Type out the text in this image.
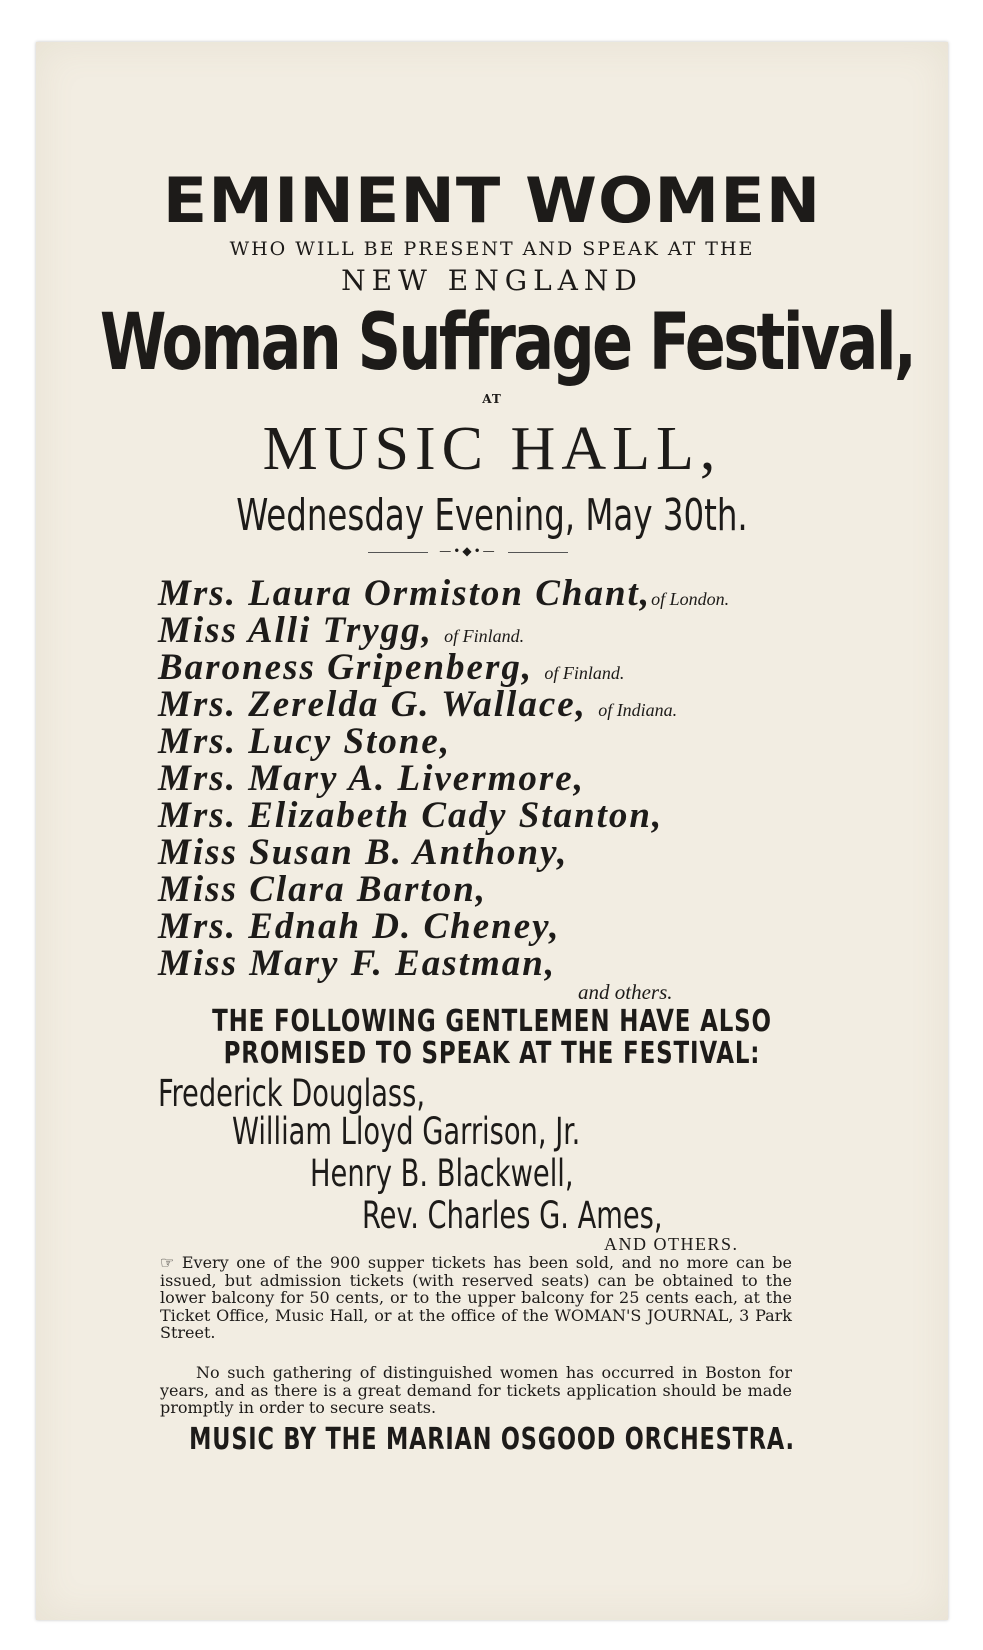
EMINENT WOMEN
WHO WILL BE PRESENT AND SPEAK AT THE
NEW ENGLAND
Woman Suffrage Festival,
AT
MUSIC HALL,
Wednesday Evening, May 30th.
—•◆•—
Mrs. Laura Ormiston Chant,of London.
Miss Alli Trygg, of Finland.
Baroness Gripenberg, of Finland.
Mrs. Zerelda G. Wallace, of Indiana.
Mrs. Lucy Stone,
Mrs. Mary A. Livermore,
Mrs. Elizabeth Cady Stanton,
Miss Susan B. Anthony,
Miss Clara Barton,
Mrs. Ednah D. Cheney,
Miss Mary F. Eastman,
and others.
THE FOLLOWING GENTLEMEN HAVE ALSO
PROMISED TO SPEAK AT THE FESTIVAL:
Frederick Douglass,
William Lloyd Garrison, Jr.
Henry B. Blackwell,
Rev. Charles G. Ames,
AND OTHERS.
☞ Every one of the 900 supper tickets has been sold, and no more can be issued, but admission tickets (with reserved seats) can be obtained to the lower balcony for 50 cents, or to the upper balcony for 25 cents each, at the Ticket Office, Music Hall, or at the office of the WOMAN'S JOURNAL, 3 Park Street.
No such gathering of distinguished women has occurred in Boston for years, and as there is a great demand for tickets application should be made promptly in order to secure seats.
MUSIC BY THE MARIAN OSGOOD ORCHESTRA.
